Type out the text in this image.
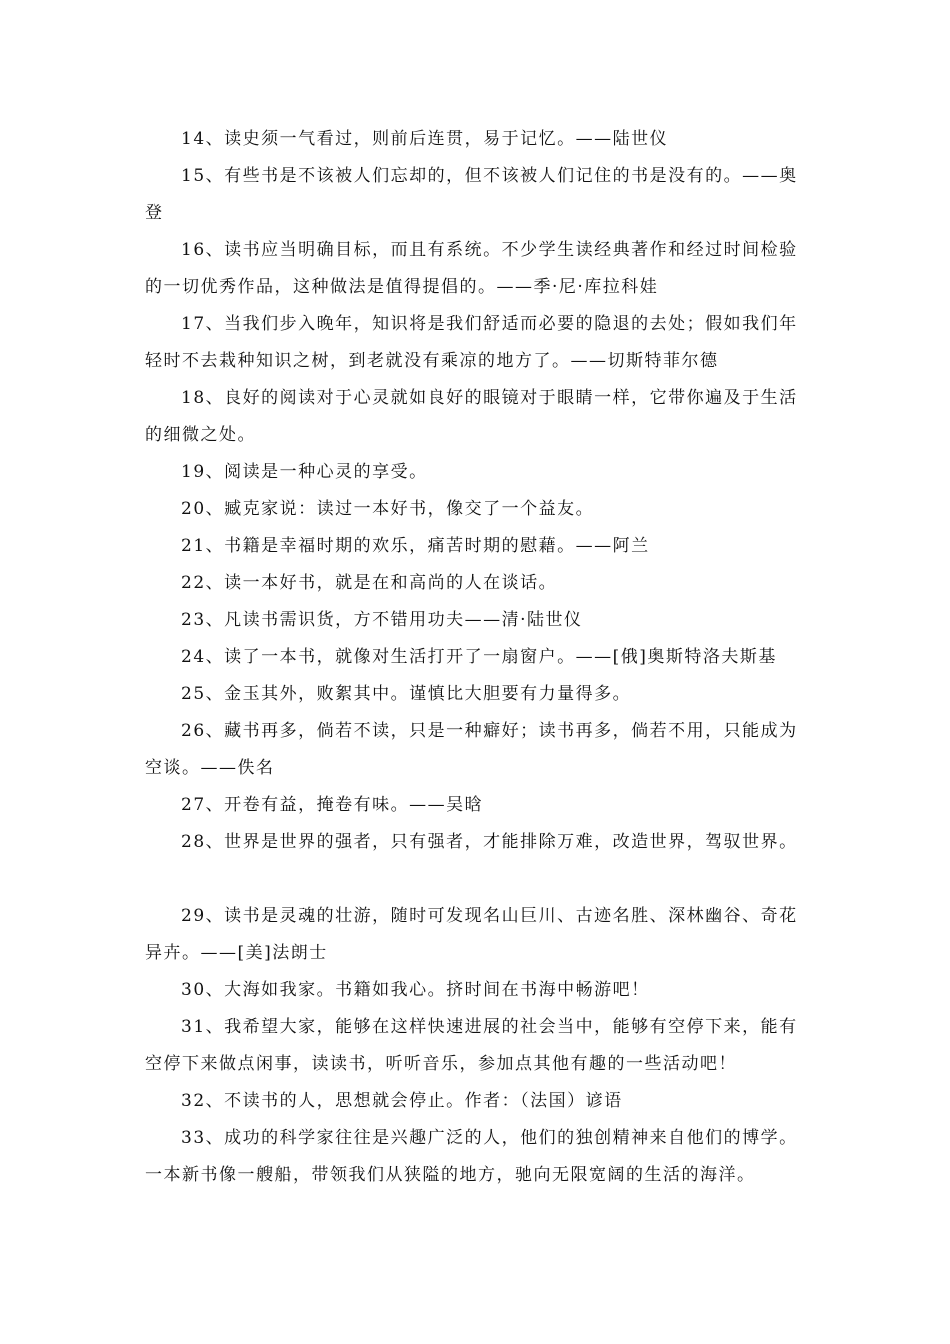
14、读史须一气看过，则前后连贯，易于记忆。——陆世仪

15、有些书是不该被人们忘却的，但不该被人们记住的书是没有的。——奥登

16、读书应当明确目标，而且有系统。不少学生读经典著作和经过时间检验的一切优秀作品，这种做法是值得提倡的。——季·尼·库拉科娃

17、当我们步入晚年，知识将是我们舒适而必要的隐退的去处；假如我们年轻时不去栽种知识之树，到老就没有乘凉的地方了。——切斯特菲尔德

18、良好的阅读对于心灵就如良好的眼镜对于眼睛一样，它带你遍及于生活的细微之处。

19、阅读是一种心灵的享受。

20、臧克家说：读过一本好书，像交了一个益友。

21、书籍是幸福时期的欢乐，痛苦时期的慰藉。——阿兰

22、读一本好书，就是在和高尚的人在谈话。

23、凡读书需识货，方不错用功夫——清·陆世仪

24、读了一本书，就像对生活打开了一扇窗户。——[俄]奥斯特洛夫斯基

25、金玉其外，败絮其中。谨慎比大胆要有力量得多。

26、藏书再多，倘若不读，只是一种癖好；读书再多，倘若不用，只能成为空谈。——佚名

27、开卷有益，掩卷有味。——吴晗

28、世界是世界的强者，只有强者，才能排除万难，改造世界，驾驭世界。

29、读书是灵魂的壮游，随时可发现名山巨川、古迹名胜、深林幽谷、奇花异卉。——[美]法朗士

30、大海如我家。书籍如我心。挤时间在书海中畅游吧！

31、我希望大家，能够在这样快速进展的社会当中，能够有空停下来，能有空停下来做点闲事，读读书，听听音乐，参加点其他有趣的一些活动吧！

32、不读书的人，思想就会停止。作者：（法国）谚语

33、成功的科学家往往是兴趣广泛的人，他们的独创精神来自他们的博学。一本新书像一艘船，带领我们从狭隘的地方，驰向无限宽阔的生活的海洋。
